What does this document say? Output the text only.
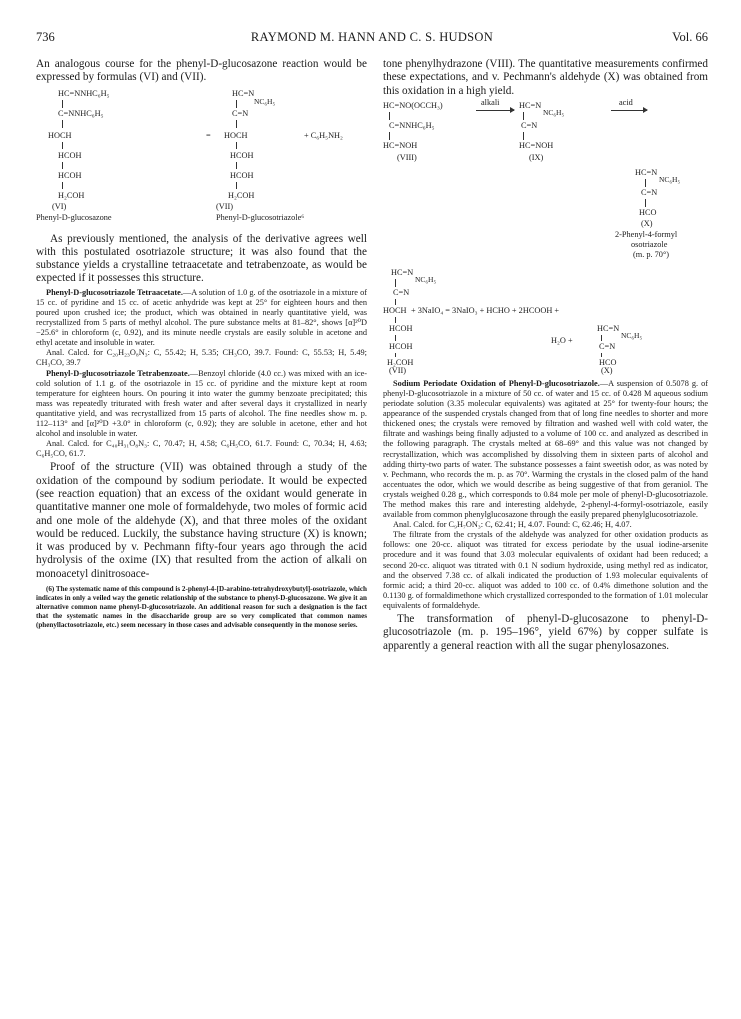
736	RAYMOND M. HANN AND C. S. HUDSON	Vol. 66

An analogous course for the phenyl-D-glucosazone reaction would be expressed by formulas (VI) and (VII).

HC=NNHC₆H₅
C=NNHC₆H₅
HOCH
HCOH
HCOH
H₂COH
=
HC=N
NC₆H₅
C=N
HOCH
HCOH
HCOH
H₂COH
+ C₆H₅NH₂
(VI)	(VII)
Phenyl-D-glucosazone	Phenyl-D-glucosotriazole⁶

As previously mentioned, the analysis of the derivative agrees well with this postulated osotriazole structure; it was also found that the substance yields a crystalline tetraacetate and tetrabenzoate, as would be expected if it possesses this structure.

Phenyl-D-glucosotriazole Tetraacetate.—A solution of 1.0 g. of the osotriazole in a mixture of 15 cc. of pyridine and 15 cc. of acetic anhydride was kept at 25° for eighteen hours and then poured upon crushed ice; the product, which was obtained in nearly quantitative yield, was recrystallized from 5 parts of methyl alcohol. The pure substance melts at 81–82°, shows [α]²⁰D −25.6° in chloroform (c, 0.92), and its minute needle crystals are easily soluble in acetone and ethyl acetate and insoluble in water.

Anal. Calcd. for C₂₀H₂₃O₈N₃: C, 55.42; H, 5.35; CH₃CO, 39.7. Found: C, 55.53; H, 5.49; CH₃CO, 39.7

Phenyl-D-glucosotriazole Tetrabenzoate.—Benzoyl chloride (4.0 cc.) was mixed with an ice-cold solution of 1.1 g. of the osotriazole in 15 cc. of pyridine and the mixture kept at room temperature for eighteen hours. On pouring it into water the gummy benzoate precipitated; this mass was repeatedly triturated with fresh water and after several days it crystallized in nearly quantitative yield, and was recrystallized from 15 parts of alcohol. The fine needles show m. p. 112–113° and [α]²⁰D +3.0° in chloroform (c, 0.92); they are soluble in acetone, ether and hot alcohol and insoluble in water.

Anal. Calcd. for C₄₀H₃₁O₈N₃: C, 70.47; H, 4.58; C₆H₅CO, 61.7. Found: C, 70.34; H, 4.63; C₆H₅CO, 61.7.

Proof of the structure (VII) was obtained through a study of the oxidation of the compound by sodium periodate. It would be expected (see reaction equation) that an excess of the oxidant would generate in quantitative manner one mole of formaldehyde, two moles of formic acid and one mole of the aldehyde (X), and that three moles of the oxidant would be reduced. Luckily, the substance having structure (X) is known; it was produced by v. Pechmann fifty-four years ago through the acid hydrolysis of the oxime (IX) that resulted from the action of alkali on monoacetyl dinitrosoace-

(6) The systematic name of this compound is 2-phenyl-4-[D-arabino-tetrahydroxybutyl]-osotriazole, which indicates in only a veiled way the genetic relationship of the substance to phenyl-D-glucosazone. We give it an alternative common name phenyl-D-glucosotriazole. An additional reason for such a designation is the fact that the systematic names in the disaccharide group are so very complicated that common names (phenyllactosotriazole, etc.) seem necessary in those cases and advisable consequently in the monose series.

tone phenylhydrazone (VIII). The quantitative measurements confirmed these expectations, and v. Pechmann's aldehyde (X) was obtained from this oxidation in a high yield.

HC=NO(OCCH₃)
C=NNHC₆H₅
HC=NOH
(VIII)
alkali HC=N
NC₆H₅
C=N
HC=NOH
(IX)
acid
HC=N
NC₆H₅
C=N
HCO
(X)
2-Phenyl-4-formyl
osotriazole
(m. p. 70°)
HC=N
NC₆H₅
C=N
HOCH + 3NaIO₄ = 3NaIO₃ + HCHO + 2HCOOH +
HCOH
HCOH
H₂COH
H₂O +
HC=N
NC₆H₅
C=N
HCO
(VII)	(X)

Sodium Periodate Oxidation of Phenyl-D-glucosotriazole.—A suspension of 0.5078 g. of phenyl-D-glucosotriazole in a mixture of 50 cc. of water and 15 cc. of 0.428 M aqueous sodium periodate solution (3.35 molecular equivalents) was agitated at 25° for twenty-four hours; the appearance of the suspended crystals changed from that of long fine needles to shorter and more thickened ones; the crystals were removed by filtration and washed well with cold water, the filtrate and washings being finally adjusted to a volume of 100 cc. and analyzed as described in the following paragraph. The crystals melted at 68–69° and this value was not changed by recrystallization, which was accomplished by dissolving them in sixteen parts of alcohol and adding thirty-two parts of water. The substance possesses a faint sweetish odor, as was noted by v. Pechmann, who records the m. p. as 70°. Warming the crystals in the closed palm of the hand accentuates the odor, which we would describe as being suggestive of that from geraniol. The crystals weighed 0.28 g., which corresponds to 0.84 mole per mole of phenyl-D-glucosotriazole. The method makes this rare and interesting aldehyde, 2-phenyl-4-formyl-osotriazole, easily available from common phenylglucosazone through the easily prepared phenylglucosotriazole.

Anal. Calcd. for C₉H₇ON₃: C, 62.41; H, 4.07. Found: C, 62.46; H, 4.07.

The filtrate from the crystals of the aldehyde was analyzed for other oxidation products as follows: one 20-cc. aliquot was titrated for excess periodate by the usual iodine-arsenite procedure and it was found that 3.03 molecular equivalents of oxidant had been reduced; a second 20-cc. aliquot was titrated with 0.1 N sodium hydroxide, using methyl red as indicator, and the observed 7.38 cc. of alkali indicated the production of 1.93 molecular equivalents of formic acid; a third 20-cc. aliquot was added to 100 cc. of 0.4% dimethone solution and the 0.1130 g. of formaldimethone which crystallized corresponded to the formation of 1.01 molecular equivalents of formaldehyde.

The transformation of phenyl-D-glucosazone to phenyl-D-glucosotriazole (m. p. 195–196°, yield 67%) by copper sulfate is apparently a general reaction with all the sugar phenylosazones.
